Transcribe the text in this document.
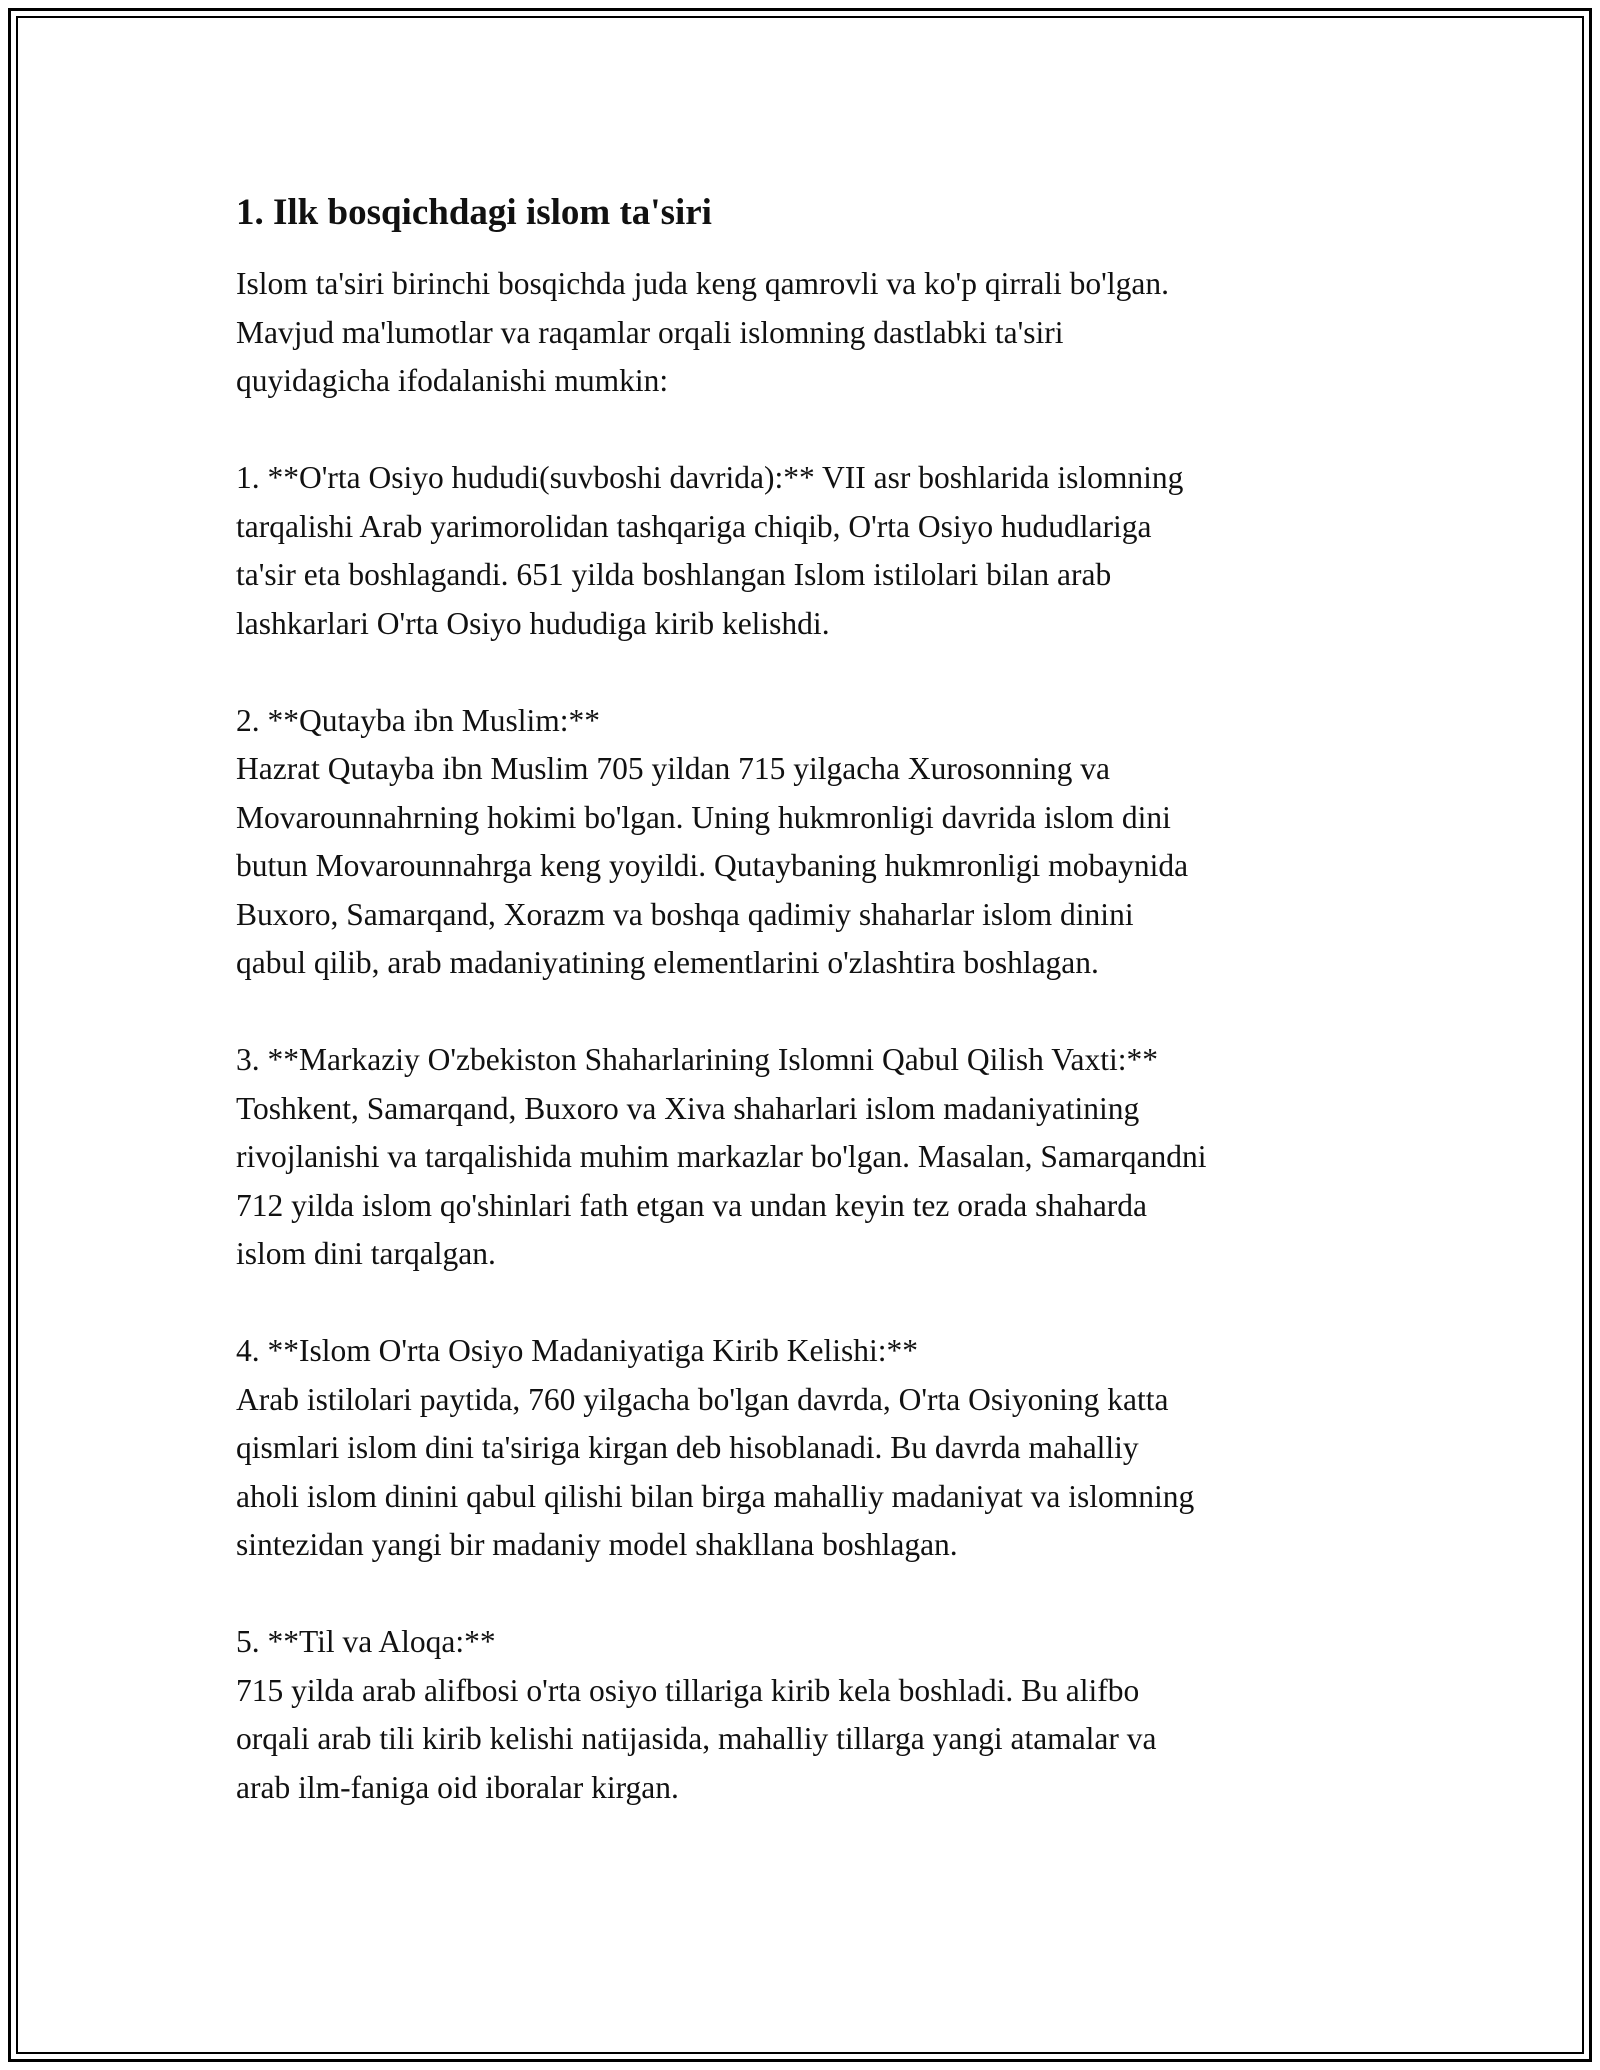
1. Ilk bosqichdagi islom ta'siri

Islom ta'siri birinchi bosqichda juda keng qamrovli va ko'p qirrali bo'lgan.
Mavjud ma'lumotlar va raqamlar orqali islomning dastlabki ta'siri
quyidagicha ifodalanishi mumkin:

1. **O'rta Osiyo hududi(suvboshi davrida):** VII asr boshlarida islomning

tarqalishi Arab yarimorolidan tashqariga chiqib, O'rta Osiyo hududlariga
ta'sir eta boshlagandi. 651 yilda boshlangan Islom istilolari bilan arab
lashkarlari O'rta Osiyo hududiga kirib kelishdi.

2. **Qutayba ibn Muslim:**

Hazrat Qutayba ibn Muslim 705 yildan 715 yilgacha Xurosonning va
Movarounnahrning hokimi bo'lgan. Uning hukmronligi davrida islom dini
butun Movarounnahrga keng yoyildi. Qutaybaning hukmronligi mobaynida
Buxoro, Samarqand, Xorazm va boshqa qadimiy shaharlar islom dinini
qabul qilib, arab madaniyatining elementlarini o'zlashtira boshlagan.

3. **Markaziy O'zbekiston Shaharlarining Islomni Qabul Qilish Vaxti:**

Toshkent, Samarqand, Buxoro va Xiva shaharlari islom madaniyatining
rivojlanishi va tarqalishida muhim markazlar bo'lgan. Masalan, Samarqandni
712 yilda islom qo'shinlari fath etgan va undan keyin tez orada shaharda
islom dini tarqalgan.

4. **Islom O'rta Osiyo Madaniyatiga Kirib Kelishi:**

Arab istilolari paytida, 760 yilgacha bo'lgan davrda, O'rta Osiyoning katta
qismlari islom dini ta'siriga kirgan deb hisoblanadi. Bu davrda mahalliy
aholi islom dinini qabul qilishi bilan birga mahalliy madaniyat va islomning
sintezidan yangi bir madaniy model shakllana boshlagan.

5. **Til va Aloqa:**

715 yilda arab alifbosi o'rta osiyo tillariga kirib kela boshladi. Bu alifbo
orqali arab tili kirib kelishi natijasida, mahalliy tillarga yangi atamalar va
arab ilm-faniga oid iboralar kirgan.
